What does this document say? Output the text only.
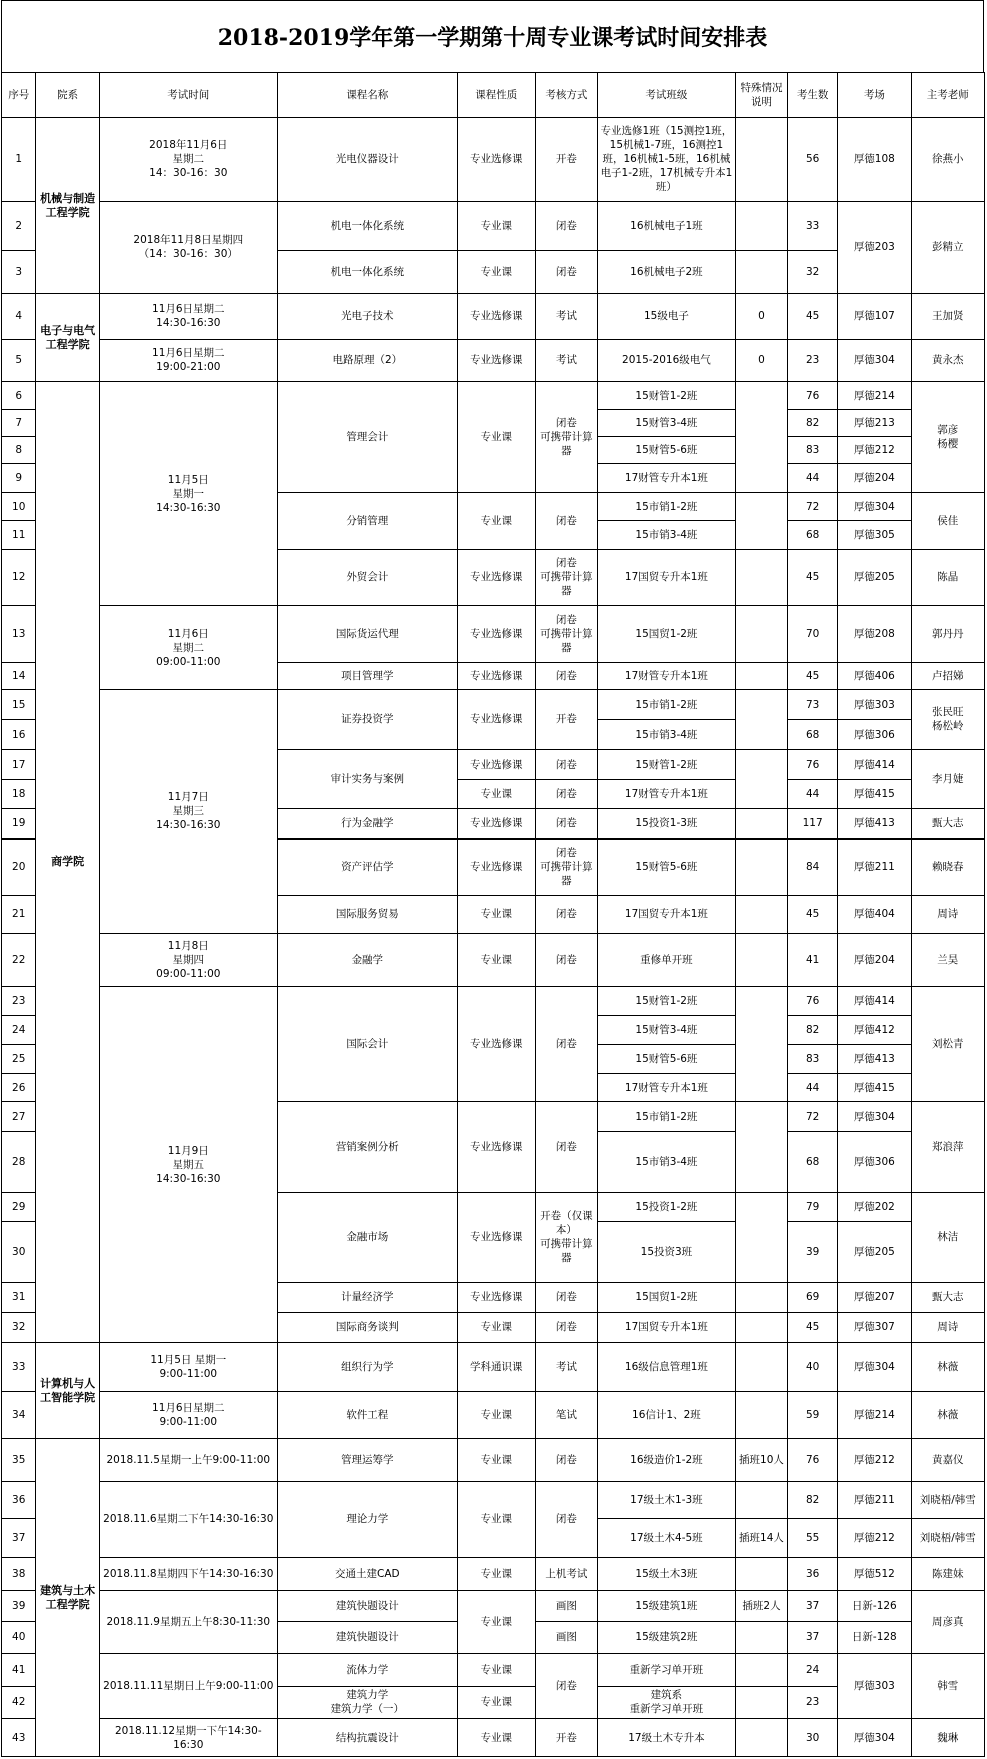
2018-2019学年第一学期第十周专业课考试时间安排表
序号	院系	考试时间	课程名称	课程性质	考核方式	考试班级	特殊情况说明	考生数	考场	主考老师
1	机械与制造工程学院	2018年11月6日
星期二
14：30-16：30	光电仪器设计	专业选修课	开卷	专业选修1班（15测控1班，15机械1-7班，16测控1班，16机械1-5班，16机械电子1-2班，17机械专升本1班）		56	厚德108	徐燕小
2		2018年11月8日星期四
（14：30-16：30）	机电一体化系统	专业课	闭卷	16机械电子1班		33	厚德203	彭精立
3			机电一体化系统	专业课	闭卷	16机械电子2班		32		
4	电子与电气工程学院	11月6日星期二
14:30-16:30	光电子技术	专业选修课	考试	15级电子	0	45	厚德107	王加贤
5		11月6日星期二
19:00-21:00	电路原理（2）	专业选修课	考试	2015-2016级电气	0	23	厚德304	黄永杰
6	商学院	11月5日
星期一
14:30-16:30	管理会计	专业课	闭卷
可携带计算器	15财管1-2班		76	厚德214	郭彦
杨樱
7						15财管3-4班		82	厚德213	
8						15财管5-6班		83	厚德212	
9						17财管专升本1班		44	厚德204	
10			分销管理	专业课	闭卷	15市销1-2班		72	厚德304	侯佳
11						15市销3-4班		68	厚德305	
12			外贸会计	专业选修课	闭卷
可携带计算器	17国贸专升本1班		45	厚德205	陈晶
13		11月6日
星期二
09:00-11:00	国际货运代理	专业选修课	闭卷
可携带计算器	15国贸1-2班		70	厚德208	郭丹丹
14			项目管理学	专业选修课	闭卷	17财管专升本1班		45	厚德406	卢招娣
15		11月7日
星期三
14:30-16:30	证券投资学	专业选修课	开卷	15市销1-2班		73	厚德303	张民旺
杨松岭
16						15市销3-4班		68	厚德306	
17			审计实务与案例	专业选修课	闭卷	15财管1-2班		76	厚德414	李月婕
18				专业课	闭卷	17财管专升本1班		44	厚德415	
19			行为金融学	专业选修课	闭卷	15投资1-3班		117	厚德413	甄大志
20			资产评估学	专业选修课	闭卷
可携带计算器	15财管5-6班		84	厚德211	赖晓春
21			国际服务贸易	专业课	闭卷	17国贸专升本1班		45	厚德404	周诗
22		11月8日
星期四
09:00-11:00	金融学	专业课	闭卷	重修单开班		41	厚德204	兰昊
23		11月9日
星期五
14:30-16:30	国际会计	专业选修课	闭卷	15财管1-2班		76	厚德414	刘松青
24						15财管3-4班		82	厚德412	
25						15财管5-6班		83	厚德413	
26						17财管专升本1班		44	厚德415	
27			营销案例分析	专业选修课	闭卷	15市销1-2班		72	厚德304	郑浪萍
28						15市销3-4班		68	厚德306	
29			金融市场	专业选修课	开卷（仅课本）
可携带计算器	15投资1-2班		79	厚德202	林洁
30						15投资3班		39	厚德205	
31			计量经济学	专业选修课	闭卷	15国贸1-2班		69	厚德207	甄大志
32			国际商务谈判	专业课	闭卷	17国贸专升本1班		45	厚德307	周诗
33	计算机与人工智能学院	11月5日 星期一
9:00-11:00	组织行为学	学科通识课	考试	16级信息管理1班		40	厚德304	林薇
34		11月6日星期二
9:00-11:00	软件工程	专业课	笔试	16信计1、2班		59	厚德214	林薇
35	建筑与土木工程学院	2018.11.5星期一上午9:00-11:00	管理运筹学	专业课	闭卷	16级造价1-2班	插班10人	76	厚德212	黄嘉仪
36		2018.11.6星期二下午14:30-16:30	理论力学	专业课	闭卷	17级土木1-3班		82	厚德211	刘晓梧/韩雪
37						17级土木4-5班	插班14人	55	厚德212	刘晓梧/韩雪
38		2018.11.8星期四下午14:30-16:30	交通土建CAD	专业课	上机考试	15级土木3班		36	厚德512	陈建妹
39		2018.11.9星期五上午8:30-11:30	建筑快题设计	专业课	画图	15级建筑1班	插班2人	37	日新-126	周彦真
40			建筑快题设计		画图	15级建筑2班		37	日新-128	
41		2018.11.11星期日上午9:00-11:00	流体力学	专业课	闭卷	重新学习单开班		24	厚德303	韩雪
42			建筑力学
建筑力学（一）	专业课		建筑系
重新学习单开班		23		
43		2018.11.12星期一下午14:30-16:30	结构抗震设计	专业课	开卷	17级土木专升本		30	厚德304	魏琳
